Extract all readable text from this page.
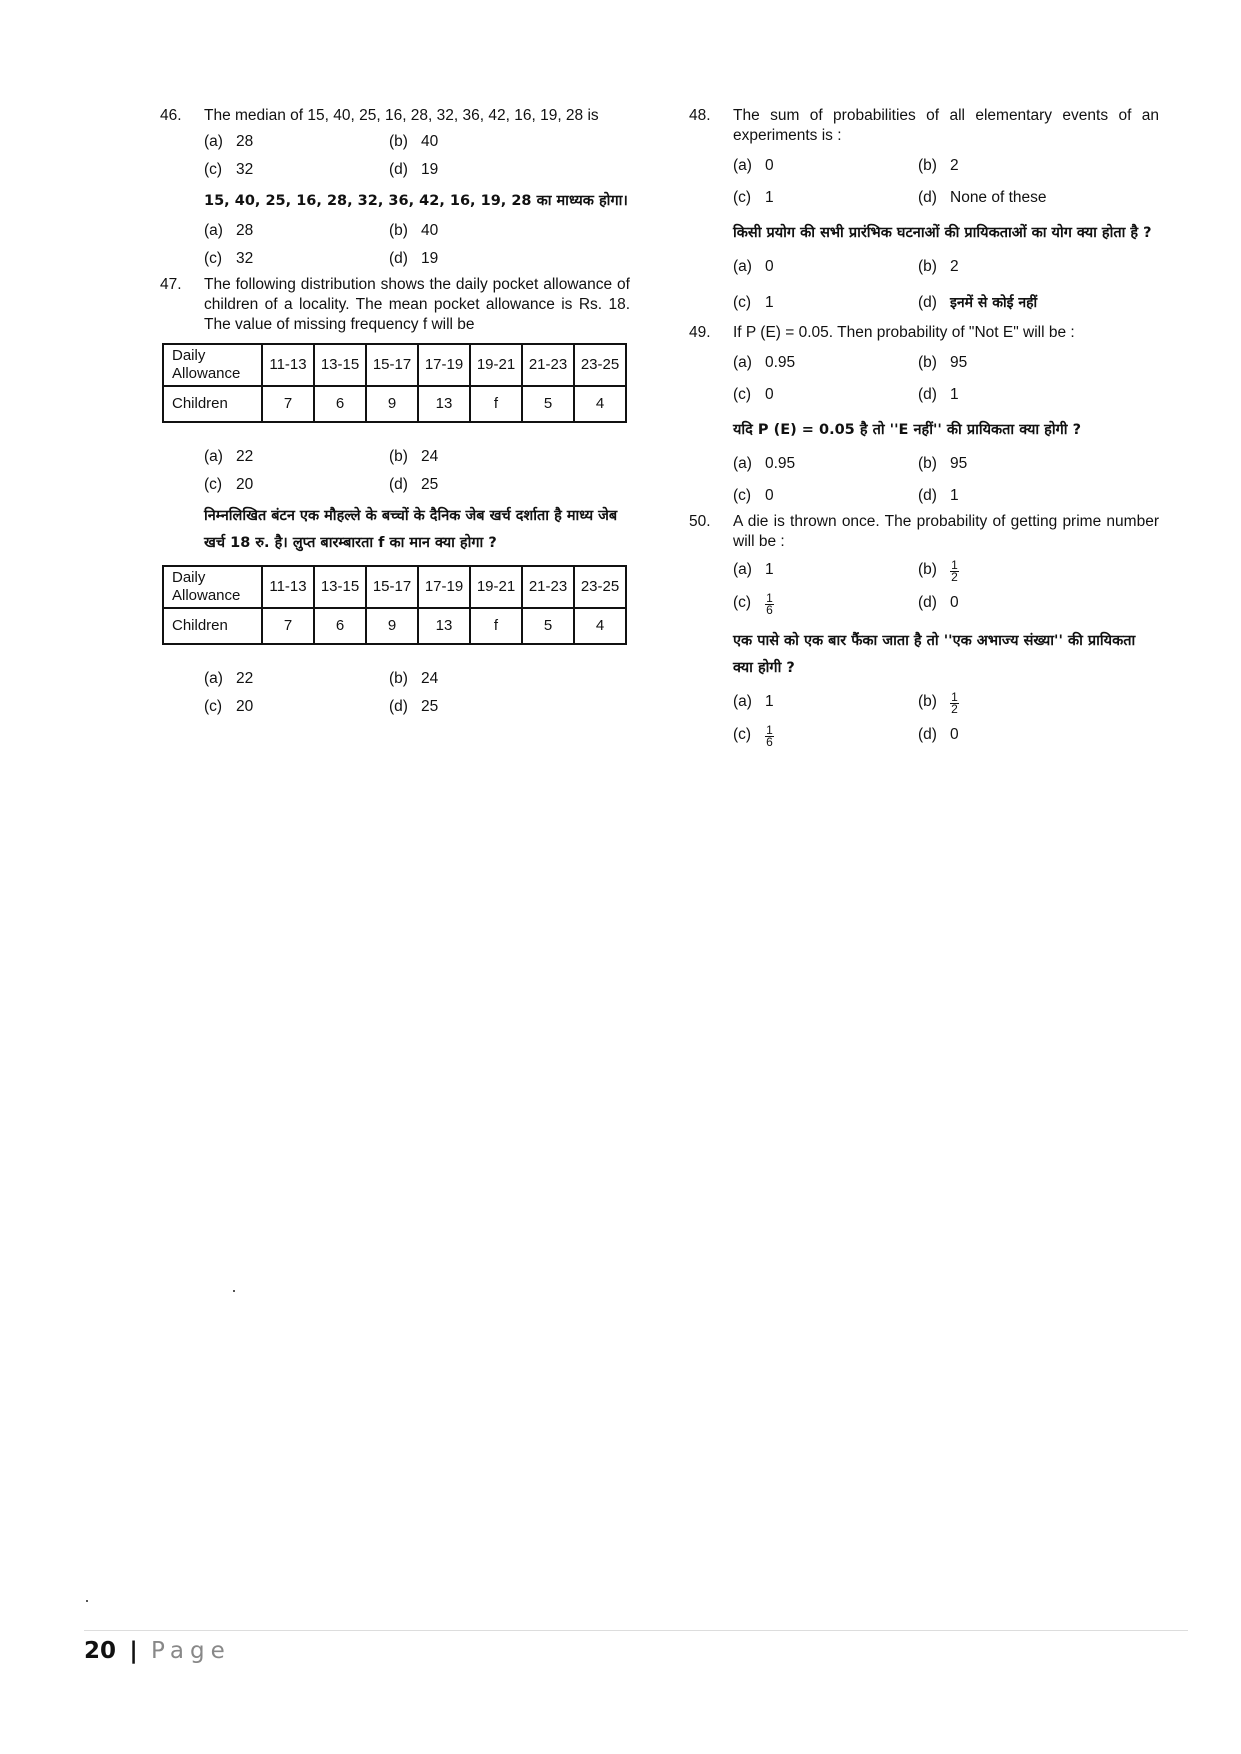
46. The median of 15, 40, 25, 16, 28, 32, 36, 42, 16, 19, 28 is
(a) 28	(b) 40
(c) 32	(d) 19
15, 40, 25, 16, 28, 32, 36, 42, 16, 19, 28 का माध्यक होगा।
(a) 28	(b) 40
(c) 32	(d) 19
47. The following distribution shows the daily pocket allowance of children of a locality. The mean pocket allowance is Rs. 18. The value of missing frequency f will be
Daily Allowance	11-13	13-15	15-17	17-19	19-21	21-23	23-25
Children	7	6	9	13	f	5	4
(a) 22	(b) 24
(c) 20	(d) 25
निम्नलिखित बंटन एक मौहल्ले के बच्चों के दैनिक जेब खर्च दर्शाता है माध्य जेब खर्च 18 रु. है। लुप्त बारम्बारता f का मान क्या होगा ?
Daily Allowance	11-13	13-15	15-17	17-19	19-21	21-23	23-25
Children	7	6	9	13	f	5	4
(a) 22	(b) 24
(c) 20	(d) 25
48. The sum of probabilities of all elementary events of an experiments is :
(a) 0	(b) 2
(c) 1	(d) None of these
किसी प्रयोग की सभी प्रारंभिक घटनाओं की प्रायिकताओं का योग क्या होता है ?
(a) 0	(b) 2
(c) 1	(d) इनमें से कोई नहीं
49. If P (E) = 0.05. Then probability of "Not E" will be :
(a) 0.95	(b) 95
(c) 0	(d) 1
यदि P (E) = 0.05 है तो ''E नहीं'' की प्रायिकता क्या होगी ?
(a) 0.95	(b) 95
(c) 0	(d) 1
50. A die is thrown once. The probability of getting prime number will be :
(a) 1	(b)	$\frac{1}{2}$
(c)	$\frac{1}{6}$	(d) 0
एक पासे को एक बार फैंका जाता है तो ''एक अभाज्य संख्या'' की प्रायिकता क्या होगी ?
(a) 1	(b)	$\frac{1}{2}$
(c)	$\frac{1}{6}$	(d) 0
20 | Page
